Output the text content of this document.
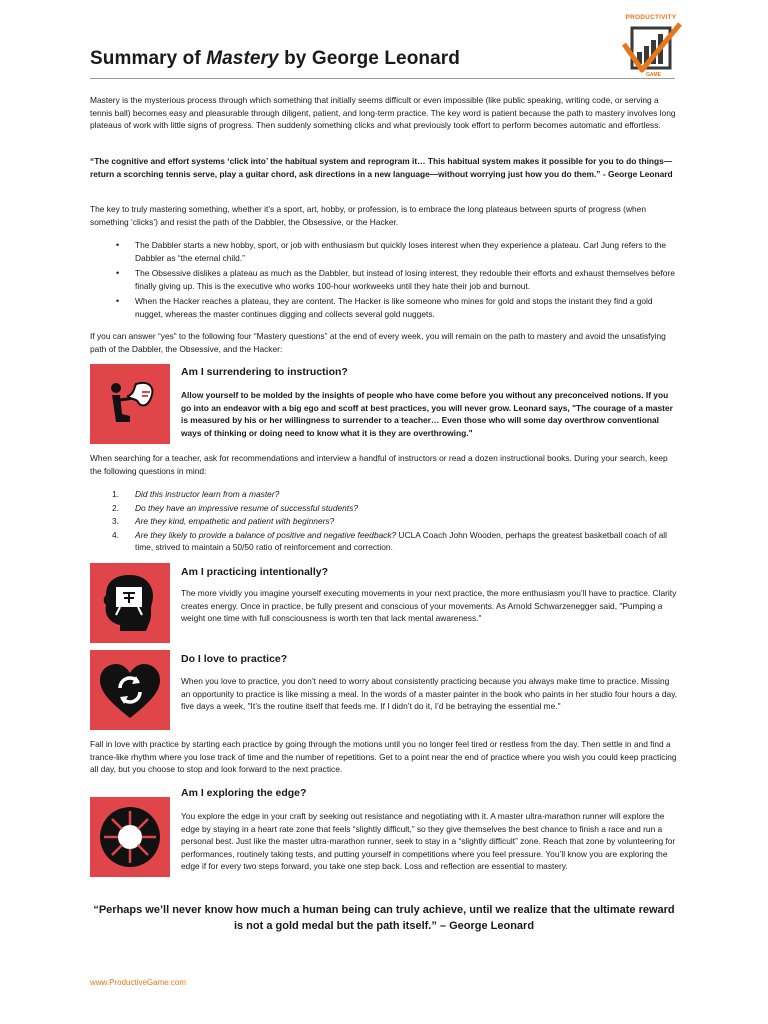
Summary of Mastery by George Leonard
PRODUCTIVITY
GAME
Mastery is the mysterious process through which something that initially seems difficult or even impossible (like public speaking, writing code, or serving a tennis ball) becomes easy and pleasurable through diligent, patient, and long-term practice. The key word is patient because the path to mastery involves long plateaus of work with little signs of progress. Then suddenly something clicks and what previously took effort to perform becomes automatic and effortless.
“The cognitive and effort systems ‘click into’ the habitual system and reprogram it… This habitual system makes it possible for you to do things—return a scorching tennis serve, play a guitar chord, ask directions in a new language—without worrying just how you do them.” - George Leonard
The key to truly mastering something, whether it’s a sport, art, hobby, or profession, is to embrace the long plateaus between spurts of progress (when something ‘clicks’) and resist the path of the Dabbler, the Obsessive, or the Hacker.
• The Dabbler starts a new hobby, sport, or job with enthusiasm but quickly loses interest when they experience a plateau. Carl Jung refers to the Dabbler as “the eternal child.”
• The Obsessive dislikes a plateau as much as the Dabbler, but instead of losing interest, they redouble their efforts and exhaust themselves before finally giving up. This is the executive who works 100-hour workweeks until they hate their job and burnout.
• When the Hacker reaches a plateau, they are content. The Hacker is like someone who mines for gold and stops the instant they find a gold nugget, whereas the master continues digging and collects several gold nuggets.
If you can answer “yes” to the following four “Mastery questions” at the end of every week, you will remain on the path to mastery and avoid the unsatisfying path of the Dabbler, the Obsessive, and the Hacker:
Am I surrendering to instruction?
Allow yourself to be molded by the insights of people who have come before you without any preconceived notions. If you go into an endeavor with a big ego and scoff at best practices, you will never grow. Leonard says, "The courage of a master is measured by his or her willingness to surrender to a teacher… Even those who will some day overthrow conventional ways of thinking or doing need to know what it is they are overthrowing."
When searching for a teacher, ask for recommendations and interview a handful of instructors or read a dozen instructional books. During your search, keep the following questions in mind:
1. Did this instructor learn from a master?
2. Do they have an impressive resume of successful students?
3. Are they kind, empathetic and patient with beginners?
4. Are they likely to provide a balance of positive and negative feedback? UCLA Coach John Wooden, perhaps the greatest basketball coach of all time, strived to maintain a 50/50 ratio of reinforcement and correction.
Am I practicing intentionally?
The more vividly you imagine yourself executing movements in your next practice, the more enthusiasm you’ll have to practice. Clarity creates energy. Once in practice, be fully present and conscious of your movements. As Arnold Schwarzenegger said, "Pumping a weight one time with full consciousness is worth ten that lack mental awareness."
Do I love to practice?
When you love to practice, you don’t need to worry about consistently practicing because you always make time to practice. Missing an opportunity to practice is like missing a meal. In the words of a master painter in the book who paints in her studio four hours a day, five days a week, "It’s the routine itself that feeds me. If I didn’t do it, I’d be betraying the essential me."
Fall in love with practice by starting each practice by going through the motions until you no longer feel tired or restless from the day. Then settle in and find a trance-like rhythm where you lose track of time and the number of repetitions. Get to a point near the end of practice where you wish you could keep practicing all day, but you choose to stop and look forward to the next practice.
Am I exploring the edge?
You explore the edge in your craft by seeking out resistance and negotiating with it. A master ultra-marathon runner will explore the edge by staying in a heart rate zone that feels “slightly difficult,” so they give themselves the best chance to finish a race and run a personal best. Just like the master ultra-marathon runner, seek to stay in a “slightly difficult” zone. Reach that zone by volunteering for performances, routinely taking tests, and putting yourself in competitions where you feel pressure. You’ll know you are exploring the edge if for every two steps forward, you take one step back. Loss and reflection are essential to mastery.
“Perhaps we’ll never know how much a human being can truly achieve, until we realize that the ultimate reward is not a gold medal but the path itself.” – George Leonard
www.ProductiveGame.com
